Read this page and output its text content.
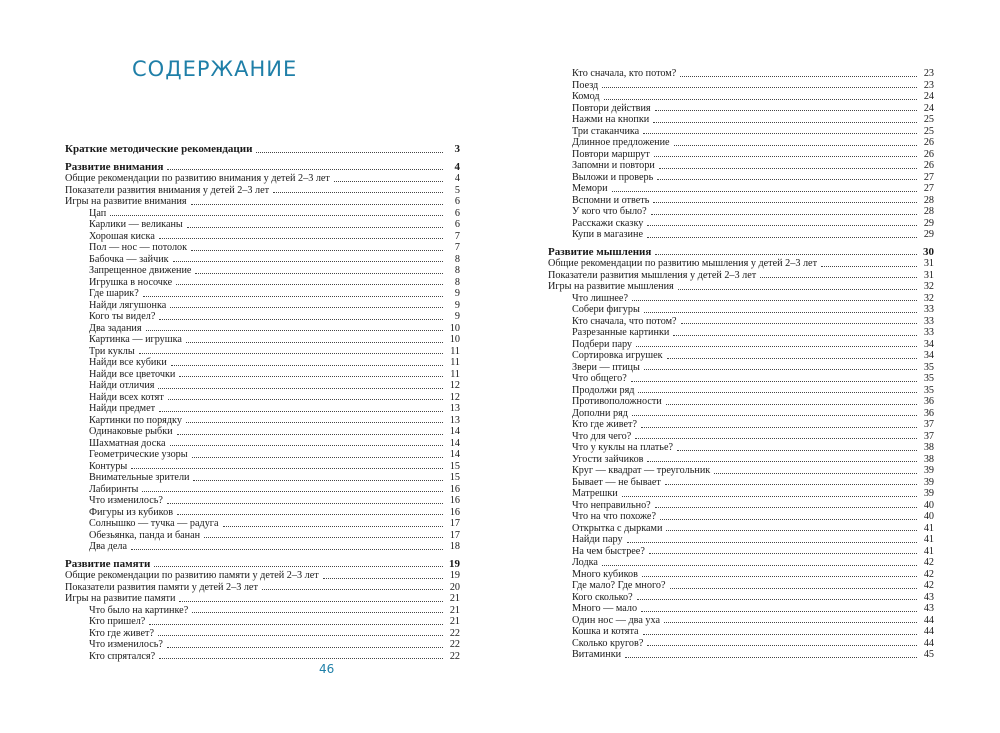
СОДЕРЖАНИЕ
Краткие методические рекомендации	3
Развитие внимания	4
Общие рекомендации по развитию внимания у детей 2–3 лет	4
Показатели развития внимания у детей 2–3 лет	5
Игры на развитие внимания	6
Цап	6
Карлики — великаны	6
Хорошая киска	7
Пол — нос — потолок	7
Бабочка — зайчик	8
Запрещенное движение	8
Игрушка в носочке	8
Где шарик?	9
Найди лягушонка	9
Кого ты видел?	9
Два задания	10
Картинка — игрушка	10
Три куклы	11
Найди все кубики	11
Найди все цветочки	11
Найди отличия	12
Найди всех котят	12
Найди предмет	13
Картинки по порядку	13
Одинаковые рыбки	14
Шахматная доска	14
Геометрические узоры	14
Контуры	15
Внимательные зрители	15
Лабиринты	16
Что изменилось?	16
Фигуры из кубиков	16
Солнышко — тучка — радуга	17
Обезьянка, панда и банан	17
Два дела	18
Развитие памяти	19
Общие рекомендации по развитию памяти у детей 2–3 лет	19
Показатели развития памяти у детей 2–3 лет	20
Игры на развитие памяти	21
Что было на картинке?	21
Кто пришел?	21
Кто где живет?	22
Что изменилось?	22
Кто спрятался?	22
46
Кто сначала, кто потом?	23
Поезд	23
Комод	24
Повтори действия	24
Нажми на кнопки	25
Три стаканчика	25
Длинное предложение	26
Повтори маршрут	26
Запомни и повтори	26
Выложи и проверь	27
Мемори	27
Вспомни и ответь	28
У кого что было?	28
Расскажи сказку	29
Купи в магазине	29
Развитие мышления	30
Общие рекомендации по развитию мышления у детей 2–3 лет	31
Показатели развития мышления у детей 2–3 лет	31
Игры на развитие мышления	32
Что лишнее?	32
Собери фигуры	33
Кто сначала, что потом?	33
Разрезанные картинки	33
Подбери пару	34
Сортировка игрушек	34
Звери — птицы	35
Что общего?	35
Продолжи ряд	35
Противоположности	36
Дополни ряд	36
Кто где живет?	37
Что для чего?	37
Что у куклы на платье?	38
Угости зайчиков	38
Круг — квадрат — треугольник	39
Бывает — не бывает	39
Матрешки	39
Что неправильно?	40
Что на что похоже?	40
Открытка с дырками	41
Найди пару	41
На чем быстрее?	41
Лодка	42
Много кубиков	42
Где мало? Где много?	42
Кого сколько?	43
Много — мало	43
Один нос — два уха	44
Кошка и котята	44
Сколько кругов?	44
Витаминки	45
